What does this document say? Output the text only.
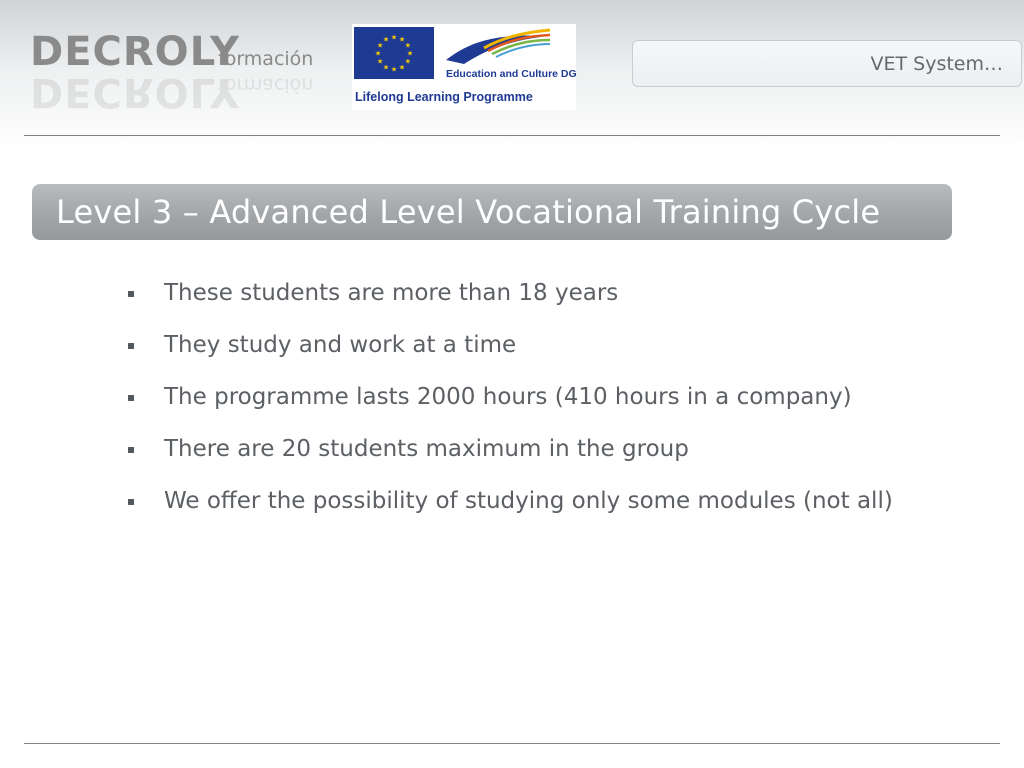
DECROLY
formación
DECROLY
formación
★ ★
★
★
★
★
★
★
★
★
★
★
Education and Culture DG
Lifelong Learning Programme
VET System…
Level 3 – Advanced Level Vocational Training Cycle
These students are more than 18 years
They study and work at a time
The programme lasts 2000 hours (410 hours in a company)
There are 20 students maximum in the group
We offer the possibility of studying only some modules (not all)
